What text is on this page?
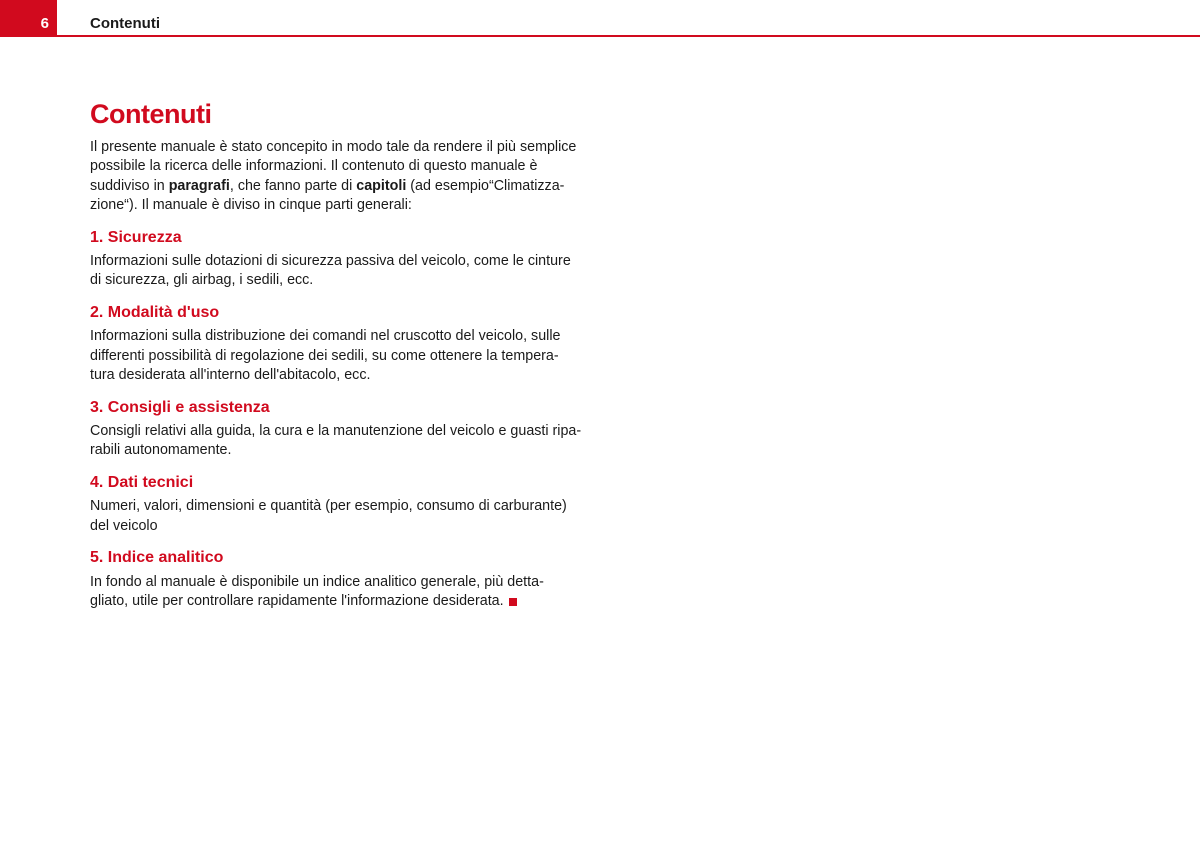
6	Contenuti
Contenuti
Il presente manuale è stato concepito in modo tale da rendere il più semplice
possibile la ricerca delle informazioni. Il contenuto di questo manuale è
suddiviso in paragrafi, che fanno parte di capitoli (ad esempio“Climatizza-
zione“). Il manuale è diviso in cinque parti generali:
1. Sicurezza
Informazioni sulle dotazioni di sicurezza passiva del veicolo, come le cinture
di sicurezza, gli airbag, i sedili, ecc.
2. Modalità d'uso
Informazioni sulla distribuzione dei comandi nel cruscotto del veicolo, sulle
differenti possibilità di regolazione dei sedili, su come ottenere la tempera-
tura desiderata all'interno dell'abitacolo, ecc.
3. Consigli e assistenza
Consigli relativi alla guida, la cura e la manutenzione del veicolo e guasti ripa-
rabili autonomamente.
4. Dati tecnici
Numeri, valori, dimensioni e quantità (per esempio, consumo di carburante)
del veicolo
5. Indice analitico
In fondo al manuale è disponibile un indice analitico generale, più detta-
gliato, utile per controllare rapidamente l'informazione desiderata.
